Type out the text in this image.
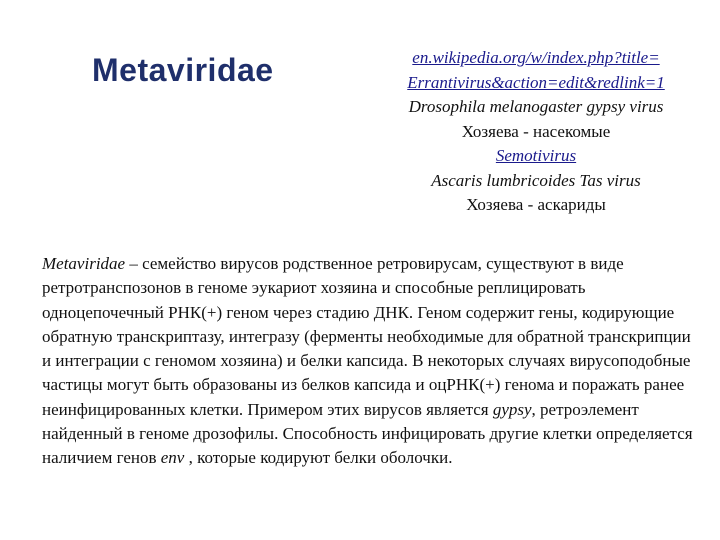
Metaviridae	en.wikipedia.org/w/index.php?title=
Errantivirus&action=edit&redlink=1
Drosophila melanogaster gypsy virus
Хозяева - насекомые
Semotivirus
Ascaris lumbricoides Tas virus
Хозяева - аскариды

Metaviridae – семейство вирусов родственное ретровирусам, существуют в виде ретротранспозонов в геноме эукариот хозяина и способные реплицировать одноцепочечный РНК(+) геном через стадию ДНК. Геном содержит гены, кодирующие обратную транскриптазу, интегразу (ферменты необходимые для обратной транскрипции и интеграции с геномом хозяина) и белки капсида. В некоторых случаях вирусоподобные частицы могут быть образованы из белков капсида и оцРНК(+) генома и поражать ранее неинфицированных клетки. Примером этих вирусов является gypsy, ретроэлемент найденный в геноме дрозофилы. Способность инфицировать другие клетки определяется наличием генов env , которые кодируют белки оболочки.
